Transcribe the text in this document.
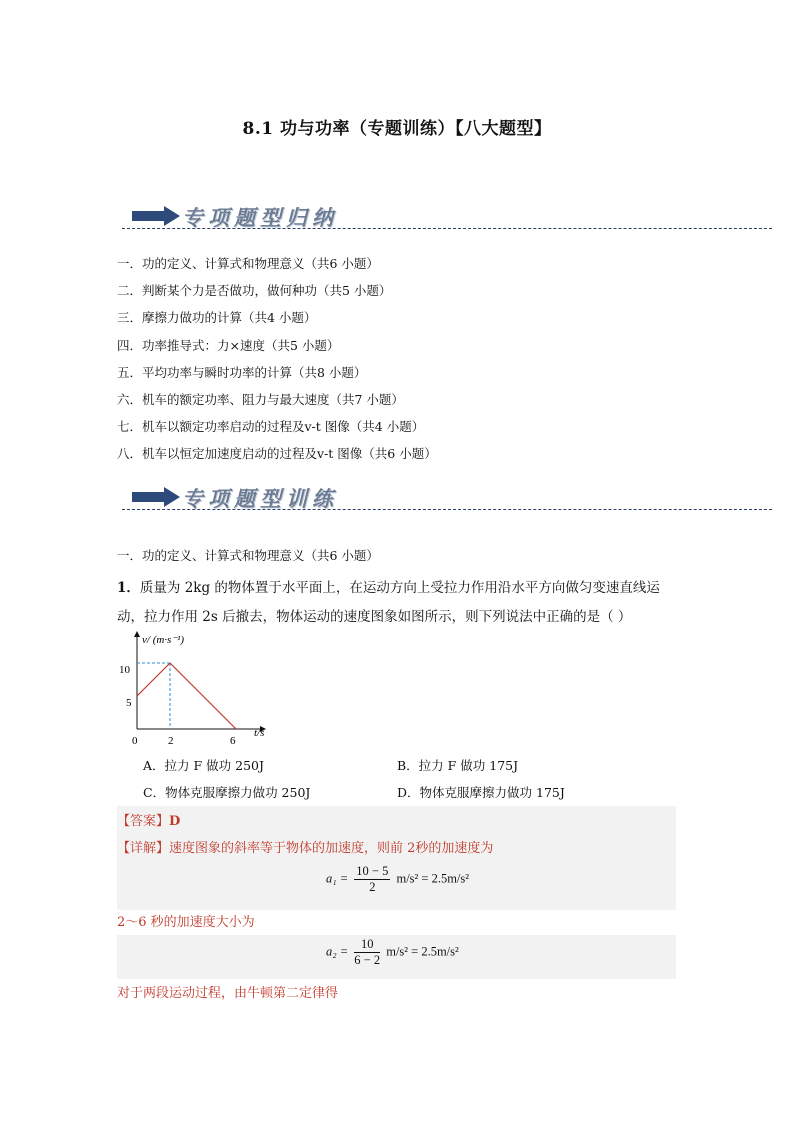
8.1 功与功率（专题训练）【八大题型】
专项题型归纳
一．功的定义、计算式和物理意义（共6 小题）
二．判断某个力是否做功，做何种功（共5 小题）
三．摩擦力做功的计算（共4 小题）
四．功率推导式：力×速度（共5 小题）
五．平均功率与瞬时功率的计算（共8 小题）
六．机车的额定功率、阻力与最大速度（共7 小题）
七．机车以额定功率启动的过程及v-t 图像（共4 小题）
八．机车以恒定加速度启动的过程及v-t 图像（共6 小题）
专项题型训练
一．功的定义、计算式和物理意义（共6 小题）
1．质量为 2kg 的物体置于水平面上，在运动方向上受拉力作用沿水平方向做匀变速直线运动，拉力作用 2s 后撤去，物体运动的速度图象如图所示，则下列说法中正确的是（ ）
v/ (m·s⁻¹)
t/s
10
5
0	2	6
A．拉力 F 做功 250J	B．拉力 F 做功 175J
C．物体克服摩擦力做功 250J	D．物体克服摩擦力做功 175J
【答案】D
【详解】速度图象的斜率等于物体的加速度，则前 2秒的加速度为
$a_1 = \frac{10 - 5}{2} m/s^2 = 2.5m/s^2$
2～6 秒的加速度大小为
$a_2 = \frac{10}{6 - 2} m/s^2 = 2.5m/s^2$
对于两段运动过程，由牛顿第二定律得
